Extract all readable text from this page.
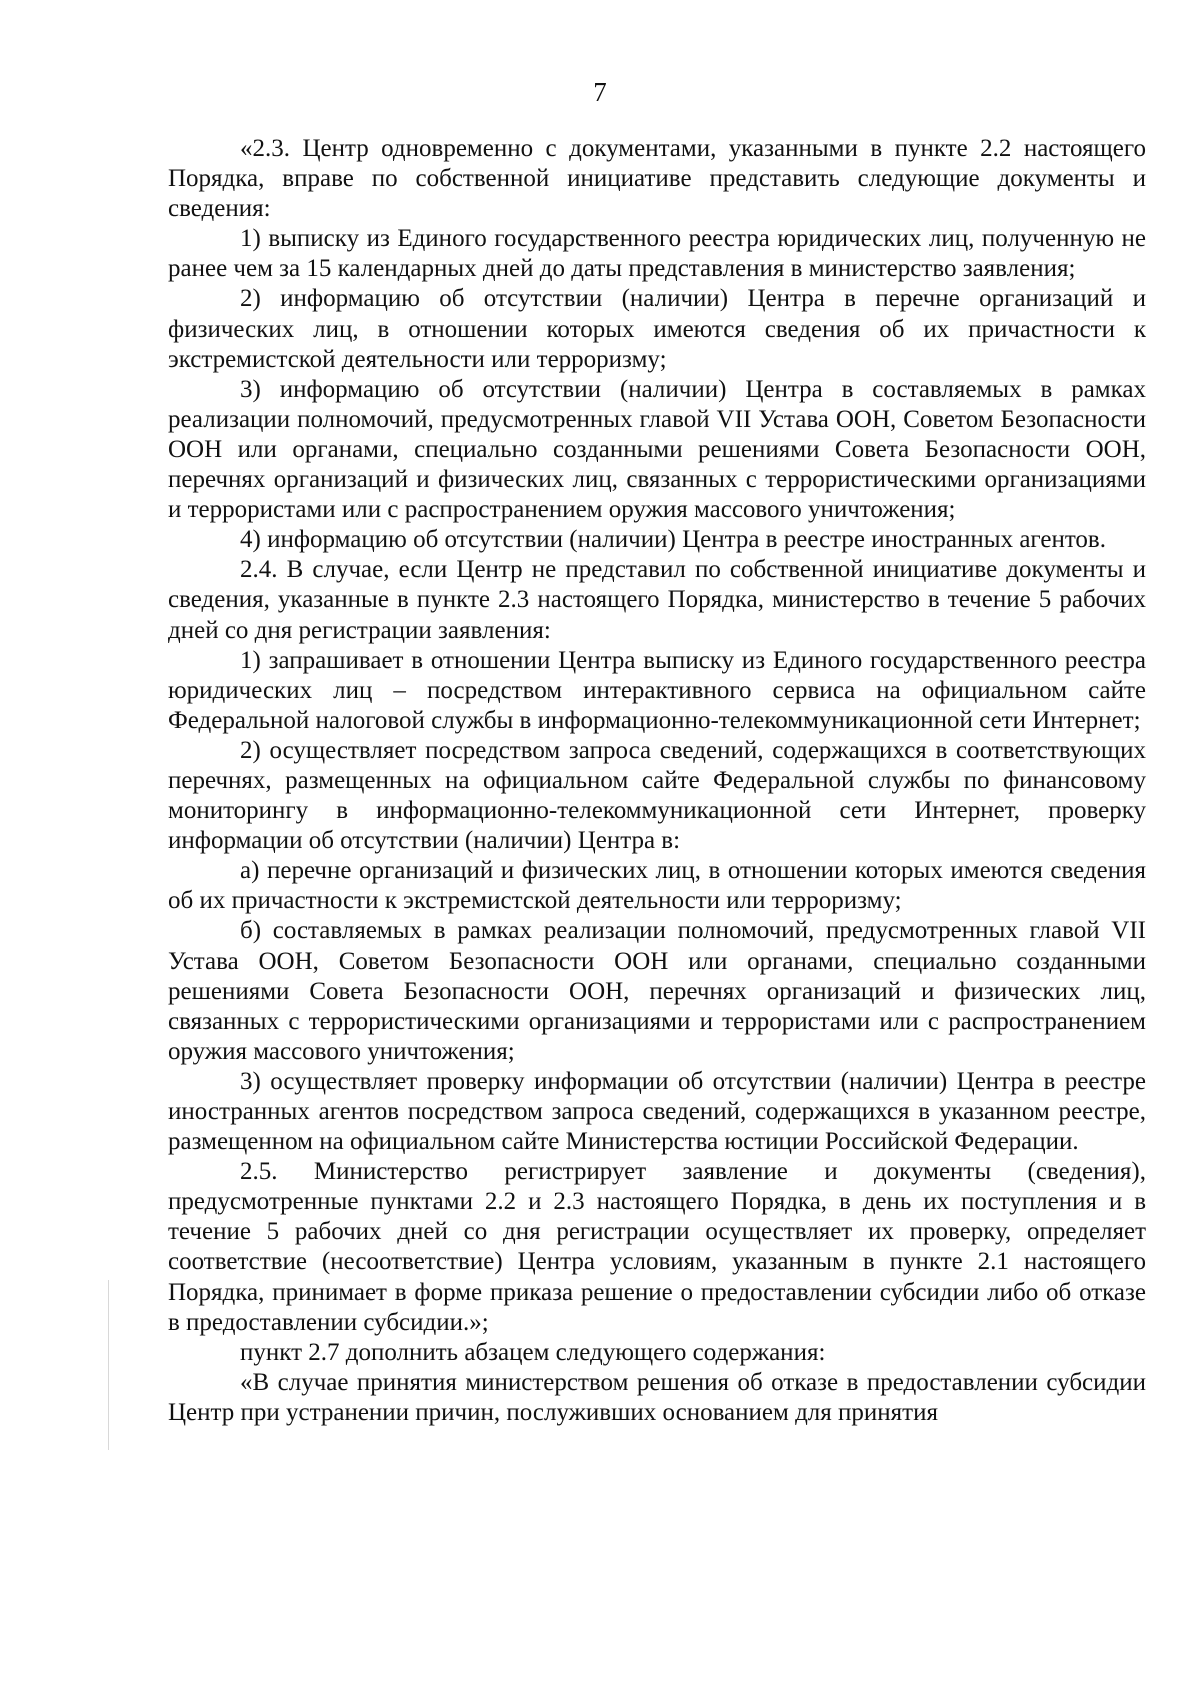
7

«2.3. Центр одновременно с документами, указанными в пункте 2.2 настоящего Порядка, вправе по собственной инициативе представить следующие документы и сведения:

1) выписку из Единого государственного реестра юридических лиц, полученную не ранее чем за 15 календарных дней до даты представления в министерство заявления;

2) информацию об отсутствии (наличии) Центра в перечне организаций и физических лиц, в отношении которых имеются сведения об их причастности к экстремистской деятельности или терроризму;

3) информацию об отсутствии (наличии) Центра в составляемых в рамках реализации полномочий, предусмотренных главой VII Устава ООН, Советом Безопасности ООН или органами, специально созданными решениями Совета Безопасности ООН, перечнях организаций и физических лиц, связанных с террористическими организациями и террористами или с распространением оружия массового уничтожения;

4) информацию об отсутствии (наличии) Центра в реестре иностранных агентов.

2.4. В случае, если Центр не представил по собственной инициативе документы и сведения, указанные в пункте 2.3 настоящего Порядка, министерство в течение 5 рабочих дней со дня регистрации заявления:

1) запрашивает в отношении Центра выписку из Единого государственного реестра юридических лиц – посредством интерактивного сервиса на официальном сайте Федеральной налоговой службы в информационно-телекоммуникационной сети Интернет;

2) осуществляет посредством запроса сведений, содержащихся в соответствующих перечнях, размещенных на официальном сайте Федеральной службы по финансовому мониторингу в информационно-телекоммуникационной сети Интернет, проверку информации об отсутствии (наличии) Центра в:

а) перечне организаций и физических лиц, в отношении которых имеются сведения об их причастности к экстремистской деятельности или терроризму;

б) составляемых в рамках реализации полномочий, предусмотренных главой VII Устава ООН, Советом Безопасности ООН или органами, специально созданными решениями Совета Безопасности ООН, перечнях организаций и физических лиц, связанных с террористическими организациями и террористами или с распространением оружия массового уничтожения;

3) осуществляет проверку информации об отсутствии (наличии) Центра в реестре иностранных агентов посредством запроса сведений, содержащихся в указанном реестре, размещенном на официальном сайте Министерства юстиции Российской Федерации.

2.5. Министерство регистрирует заявление и документы (сведения), предусмотренные пунктами 2.2 и 2.3 настоящего Порядка, в день их поступления и в течение 5 рабочих дней со дня регистрации осуществляет их проверку, определяет соответствие (несоответствие) Центра условиям, указанным в пункте 2.1 настоящего Порядка, принимает в форме приказа решение о предоставлении субсидии либо об отказе в предоставлении субсидии.»;

пункт 2.7 дополнить абзацем следующего содержания:

«В случае принятия министерством решения об отказе в предоставлении субсидии Центр при устранении причин, послуживших основанием для принятия
